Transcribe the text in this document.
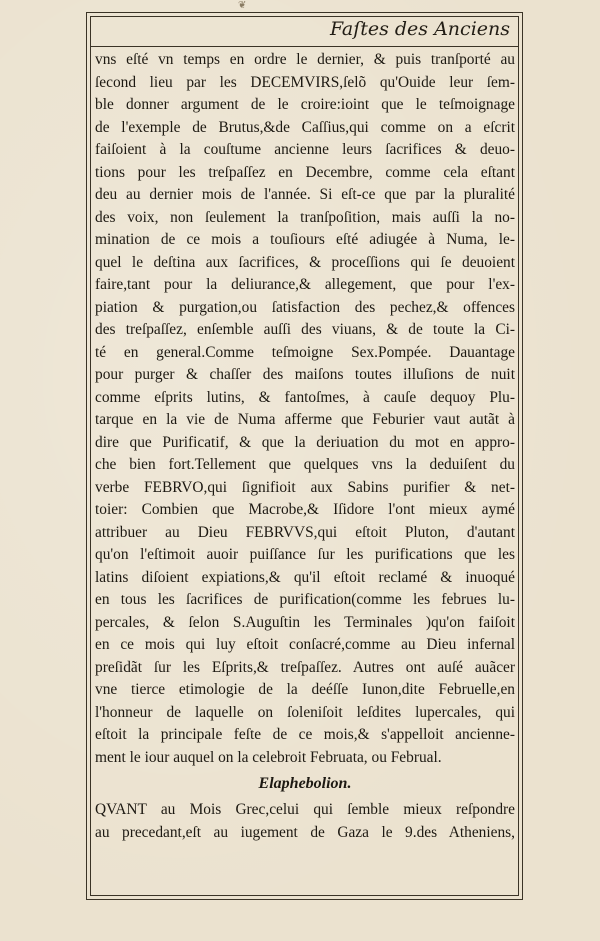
❦
Faſtes des Anciens
vns eſté vn temps en ordre le dernier, & puis tranſporté au
ſecond lieu par les DECEMVIRS,ſelõ qu'Ouide leur ſem-
ble donner argument de le croire:ioint que le teſmoignage
de l'exemple de Brutus,&de Caſſius,qui comme on a eſcrit
faiſoient à la couſtume ancienne leurs ſacrifices & deuo-
tions pour les treſpaſſez en Decembre, comme cela eſtant
deu au dernier mois de l'année. Si eſt-ce que par la pluralité
des voix, non ſeulement la tranſpoſition, mais auſſi la no-
mination de ce mois a touſiours eſté adiugée à Numa, le-
quel le deſtina aux ſacrifices, & proceſſions qui ſe deuoient
faire,tant pour la deliurance,& allegement, que pour l'ex-
piation & purgation,ou ſatisfaction des pechez,& offences
des treſpaſſez, enſemble auſſi des viuans, & de toute la Ci-
té en general.Comme teſmoigne Sex.Pompée. Dauantage
pour purger & chaſſer des maiſons toutes illuſions de nuit
comme eſprits lutins, & fantoſmes, à cauſe dequoy Plu-
tarque en la vie de Numa afferme que Feburier vaut autãt à
dire que Purificatif, & que la deriuation du mot en appro-
che bien fort.Tellement que quelques vns la deduiſent du
verbe FEBRVO,qui ſignifioit aux Sabins purifier & net-
toier: Combien que Macrobe,& Iſidore l'ont mieux aymé
attribuer au Dieu FEBRVVS,qui eſtoit Pluton, d'autant
qu'on l'eſtimoit auoir puiſſance ſur les purifications que les
latins diſoient expiations,& qu'il eſtoit reclamé & inuoqué
en tous les ſacrifices de purification(comme les februes lu-
percales, & ſelon S.Auguſtin les Terminales )qu'on faiſoit
en ce mois qui luy eſtoit conſacré,comme au Dieu infernal
preſidãt ſur les Eſprits,& treſpaſſez. Autres ont auſé auãcer
vne tierce etimologie de la deéſſe Iunon,dite Februelle,en
l'honneur de laquelle on ſoleniſoit leſdites lupercales, qui
eſtoit la principale feſte de ce mois,& s'appelloit ancienne-
ment le iour auquel on la celebroit Februata, ou Februal.
Elaphebolion.
QVANT au Mois Grec,celui qui ſemble mieux reſpondre
au precedant,eſt au iugement de Gaza le 9.des Atheniens,
